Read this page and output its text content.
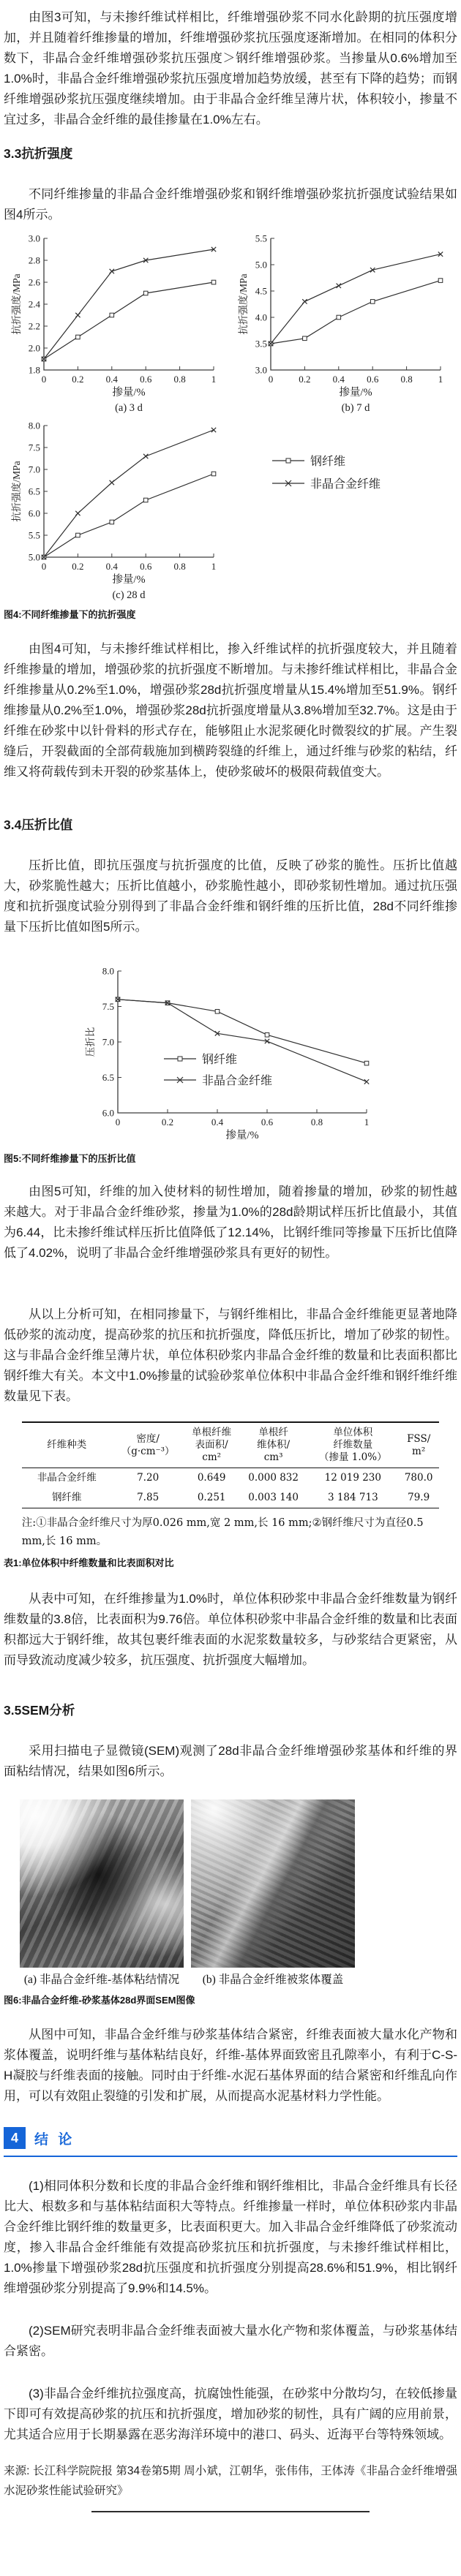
由图3可知，与未掺纤维试样相比，纤维增强砂浆不同水化龄期的抗压强度增加，并且随着纤维掺量的增加，纤维增强砂浆抗压强度逐渐增加。在相同的体积分数下，非晶合金纤维增强砂浆抗压强度＞钢纤维增强砂浆。当掺量从0.6%增加至1.0%时，非晶合金纤维增强砂浆抗压强度增加趋势放缓，甚至有下降的趋势；而钢纤维增强砂浆抗压强度继续增加。由于非晶合金纤维呈薄片状，体积较小，掺量不宜过多，非晶合金纤维的最佳掺量在1.0%左右。

3.3抗折强度

不同纤维掺量的非晶合金纤维增强砂浆和钢纤维增强砂浆抗折强度试验结果如图4所示。

1.8
2.0
2.2
2.4
2.6
2.8
3.0
0	0.2 0.4 0.6 0.8	1
掺量/%
(a) 3 d
抗折强度/MPa
3.0
3.5
4.0
4.5
5.0
5.5
0	0.2 0.4 0.6 0.8	1
掺量/%
(b) 7 d
抗折强度/MPa
5.0
5.5
6.0
6.5
7.0
7.5
8.0
0	0.2 0.4 0.6 0.8	1
掺量/%
(c) 28 d
抗折强度/MPa	钢纤维
非晶合金纤维
图4:不同纤维掺量下的抗折强度

由图4可知，与未掺纤维试样相比，掺入纤维试样的抗折强度较大，并且随着纤维掺量的增加，增强砂浆的抗折强度不断增加。与未掺纤维试样相比，非晶合金纤维掺量从0.2%至1.0%，增强砂浆28d抗折强度增量从15.4%增加至51.9%。钢纤维掺量从0.2%至1.0%，增强砂浆28d抗折强度增量从3.8%增加至32.7%。这是由于纤维在砂浆中以针骨料的形式存在，能够阻止水泥浆硬化时微裂纹的扩展。产生裂缝后，开裂截面的全部荷载施加到横跨裂缝的纤维上，通过纤维与砂浆的粘结，纤维又将荷载传到未开裂的砂浆基体上，使砂浆破坏的极限荷载值变大。

3.4压折比值

压折比值，即抗压强度与抗折强度的比值，反映了砂浆的脆性。压折比值越大，砂浆脆性越大；压折比值越小，砂浆脆性越小，即砂浆韧性增加。通过抗压强度和抗折强度试验分别得到了非晶合金纤维和钢纤维的压折比值，28d不同纤维掺量下压折比值如图5所示。

6.0
6.5
7.0
7.5
8.0
0	0.2	0.4	0.6	0.8	1
掺量/%
压折比
钢纤维
非晶合金纤维
图5:不同纤维掺量下的压折比值

由图5可知，纤维的加入使材料的韧性增加，随着掺量的增加，砂浆的韧性越来越大。对于非晶合金纤维砂浆，掺量为1.0%的28d龄期试样压折比值最小，其值为6.44，比未掺纤维试样压折比值降低了12.14%，比钢纤维同等掺量下压折比值降低了4.02%，说明了非晶合金纤维增强砂浆具有更好的韧性。

从以上分析可知，在相同掺量下，与钢纤维相比，非晶合金纤维能更显著地降低砂浆的流动度，提高砂浆的抗压和抗折强度，降低压折比，增加了砂浆的韧性。这与非晶合金纤维呈薄片状，单位体积砂浆内非晶合金纤维的数量和比表面积都比钢纤维大有关。本文中1.0%掺量的试验砂浆单位体积中非晶合金纤维和钢纤维纤维数量见下表。

纤维种类	密度/
（g·cm⁻³）	单根纤维
表面积/
cm²	单根纤
维体积/
cm³	单位体积
纤维数量
（掺量 1.0%）	FSS/
m²
非晶合金纤维	7.20	0.649	0.000 832	12 019 230	780.0
钢纤维	7.85	0.251	0.003 140	3 184 713	79.9
注:①非晶合金纤维尺寸为厚0.026 mm,宽 2 mm,长 16 mm;②钢纤维尺寸为直径0.5 mm,长 16 mm。
表1:单位体积中纤维数量和比表面积对比

从表中可知，在纤维掺量为1.0%时，单位体积砂浆中非晶合金纤维数量为钢纤维数量的3.8倍，比表面积为9.76倍。单位体积砂浆中非晶合金纤维的数量和比表面积都远大于钢纤维，故其包裹纤维表面的水泥浆数量较多，与砂浆结合更紧密，从而导致流动度减少较多，抗压强度、抗折强度大幅增加。

3.5SEM分析

采用扫描电子显微镜(SEM)观测了28d非晶合金纤维增强砂浆基体和纤维的界面粘结情况，结果如图6所示。

(a) 非晶合金纤维-基体粘结情况	(b) 非晶合金纤维被浆体覆盖
图6:非晶合金纤维-砂浆基体28d界面SEM图像

从图中可知，非晶合金纤维与砂浆基体结合紧密，纤维表面被大量水化产物和浆体覆盖，说明纤维与基体粘结良好，纤维-基体界面致密且孔隙率小，有利于C-S-H凝胶与纤维表面的接触。同时由于纤维-水泥石基体界面的结合紧密和纤维乱向作用，可以有效阻止裂缝的引发和扩展，从而提高水泥基材料力学性能。

4	结 论

(1)相同体积分数和长度的非晶合金纤维和钢纤维相比，非晶合金纤维具有长径比大、根数多和与基体粘结面积大等特点。纤维掺量一样时，单位体积砂浆内非晶合金纤维比钢纤维的数量更多，比表面积更大。加入非晶合金纤维降低了砂浆流动度，掺入非晶合金纤维能有效提高砂浆抗压和抗折强度，与未掺纤维试样相比，1.0%掺量下增强砂浆28d抗压强度和抗折强度分别提高28.6%和51.9%，相比钢纤维增强砂浆分别提高了9.9%和14.5%。

(2)SEM研究表明非晶合金纤维表面被大量水化产物和浆体覆盖，与砂浆基体结合紧密。

(3)非晶合金纤维抗拉强度高，抗腐蚀性能强，在砂浆中分散均匀，在较低掺量下即可有效提高砂浆的抗压和抗折强度，增加砂浆的韧性，具有广阔的应用前景，尤其适合应用于长期暴露在恶劣海洋环境中的港口、码头、近海平台等特殊领域。

来源: 长江科学院院报 第34卷第5期 周小斌，江朝华，张伟伟，王体涛《非晶合金纤维增强水泥砂浆性能试验研究》
